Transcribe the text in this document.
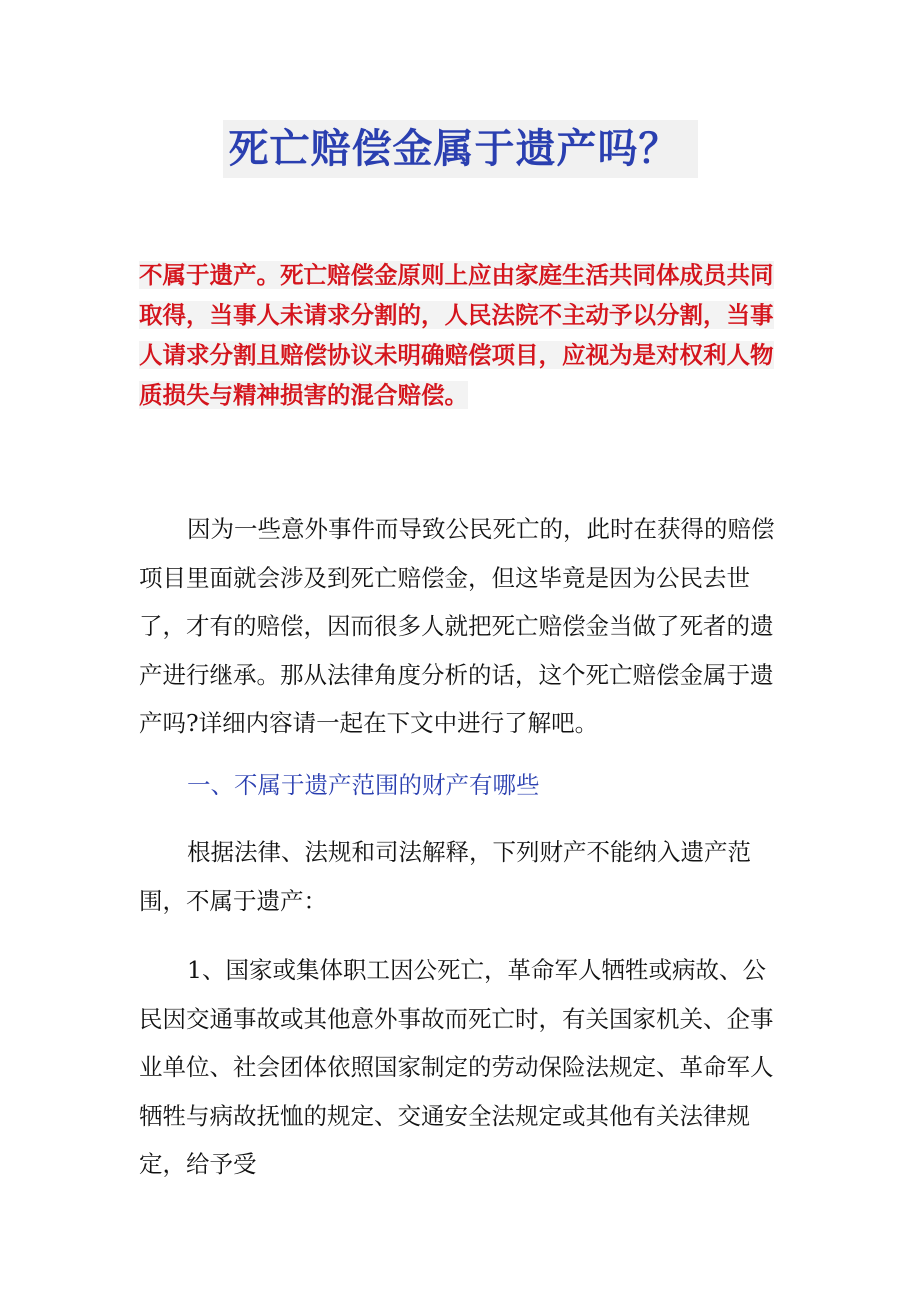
死亡赔偿金属于遗产吗？
不属于遗产。死亡赔偿金原则上应由家庭生活共同体成员共同取得，当事人未请求分割的，人民法院不主动予以分割，当事人请求分割且赔偿协议未明确赔偿项目，应视为是对权利人物质损失与精神损害的混合赔偿。
因为一些意外事件而导致公民死亡的，此时在获得的赔偿项目里面就会涉及到死亡赔偿金，但这毕竟是因为公民去世了，才有的赔偿，因而很多人就把死亡赔偿金当做了死者的遗产进行继承。那从法律角度分析的话，这个死亡赔偿金属于遗产吗?详细内容请一起在下文中进行了解吧。
一、不属于遗产范围的财产有哪些
根据法律、法规和司法解释，下列财产不能纳入遗产范围，不属于遗产：
1、国家或集体职工因公死亡，革命军人牺牲或病故、公民因交通事故或其他意外事故而死亡时，有关国家机关、企事业单位、社会团体依照国家制定的劳动保险法规定、革命军人牺牲与病故抚恤的规定、交通安全法规定或其他有关法律规定，给予受
